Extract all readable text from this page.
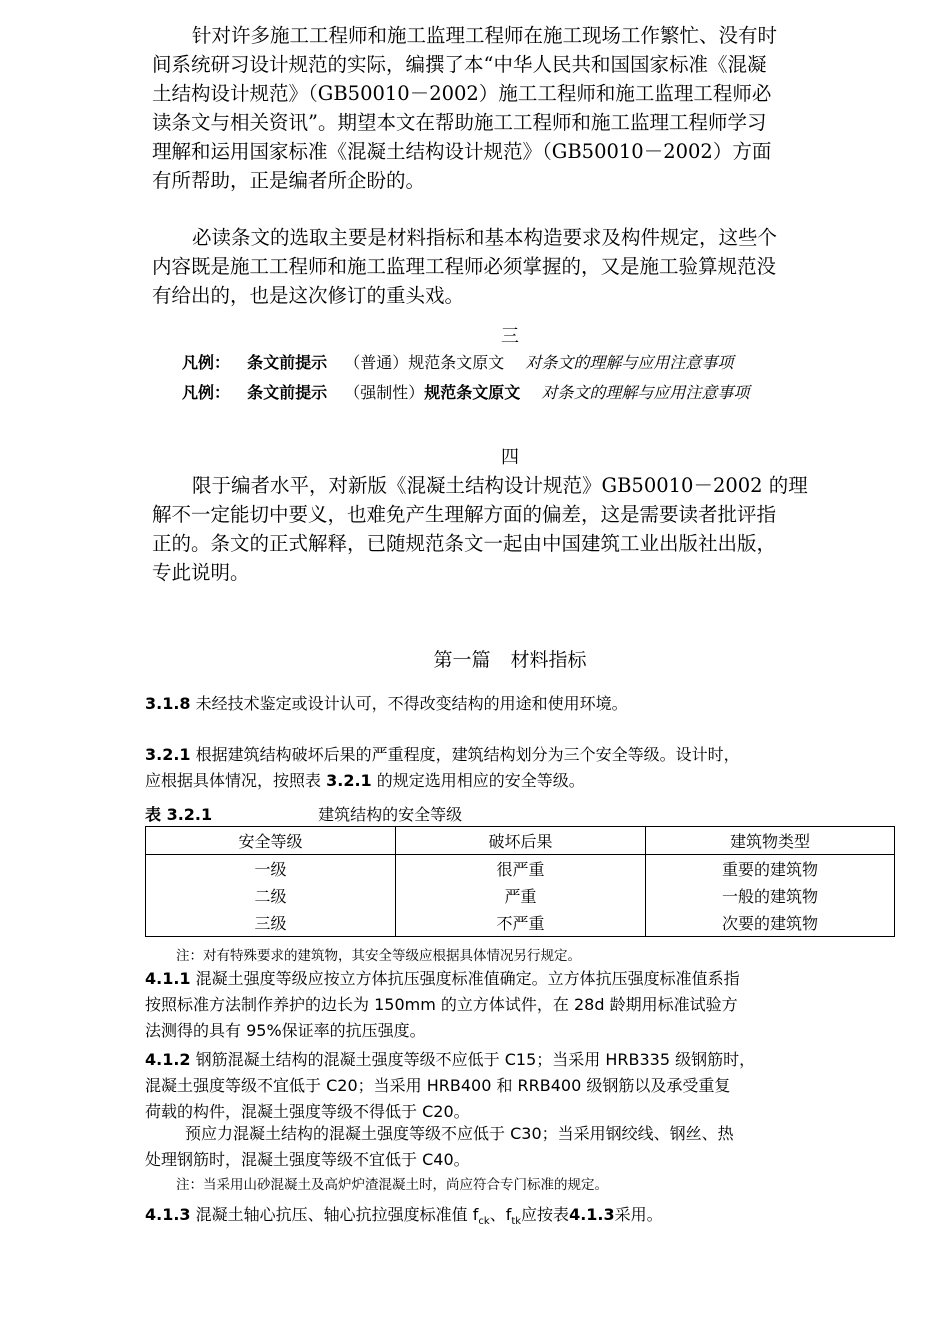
针对许多施工工程师和施工监理工程师在施工现场工作繁忙、没有时
间系统研习设计规范的实际，编撰了本“中华人民共和国国家标准《混凝
土结构设计规范》（GB50010－2002）施工工程师和施工监理工程师必
读条文与相关资讯”。期望本文在帮助施工工程师和施工监理工程师学习
理解和运用国家标准《混凝土结构设计规范》（GB50010－2002）方面
有所帮助，正是编者所企盼的。
必读条文的选取主要是材料指标和基本构造要求及构件规定，这些个
内容既是施工工程师和施工监理工程师必须掌握的，又是施工验算规范没
有给出的，也是这次修订的重头戏。
三
凡例： 条文前提示 （普通）规范条文原文 对条文的理解与应用注意事项
凡例： 条文前提示 （强制性）规范条文原文 对条文的理解与应用注意事项
四
限于编者水平，对新版《混凝土结构设计规范》GB50010－2002 的理
解不一定能切中要义，也难免产生理解方面的偏差，这是需要读者批评指
正的。条文的正式解释，已随规范条文一起由中国建筑工业出版社出版，
专此说明。
第一篇 材料指标
3.1.8 未经技术鉴定或设计认可，不得改变结构的用途和使用环境。
3.2.1 根据建筑结构破坏后果的严重程度，建筑结构划分为三个安全等级。设计时，
应根据具体情况，按照表 3.2.1 的规定选用相应的安全等级。
表 3.2.1	建筑结构的安全等级
安全等级	破坏后果	建筑物类型
一级	很严重	重要的建筑物
二级	严重	一般的建筑物
三级	不严重	次要的建筑物
注：对有特殊要求的建筑物，其安全等级应根据具体情况另行规定。
4.1.1 混凝土强度等级应按立方体抗压强度标准值确定。立方体抗压强度标准值系指
按照标准方法制作养护的边长为 150mm 的立方体试件，在 28d 龄期用标准试验方
法测得的具有 95%保证率的抗压强度。
4.1.2 钢筋混凝土结构的混凝土强度等级不应低于 C15；当采用 HRB335 级钢筋时，
混凝土强度等级不宜低于 C20；当采用 HRB400 和 RRB400 级钢筋以及承受重复
荷载的构件，混凝土强度等级不得低于 C20。
预应力混凝土结构的混凝土强度等级不应低于 C30；当采用钢绞线、钢丝、热
处理钢筋时，混凝土强度等级不宜低于 C40。
注：当采用山砂混凝土及高炉炉渣混凝土时，尚应符合专门标准的规定。
4.1.3 混凝土轴心抗压、轴心抗拉强度标准值 $f_{ck}$、$f_{tk}$应按表4.1.3采用。
